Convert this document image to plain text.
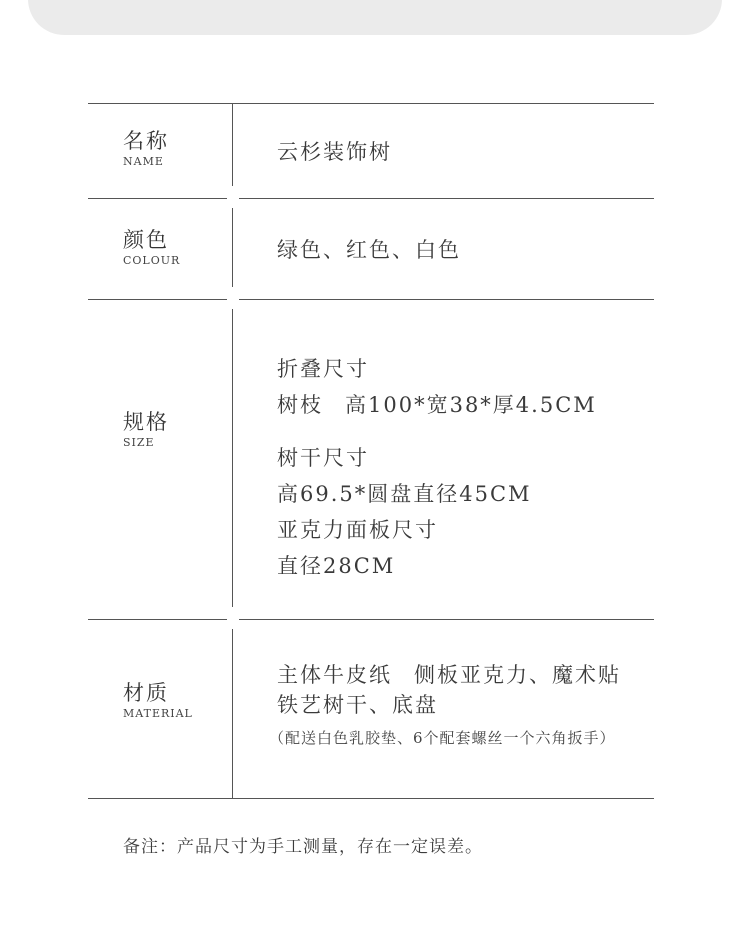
名称
NAME	云杉装饰树
颜色
COLOUR	绿色、红色、白色
规格
SIZE
折叠尺寸
树枝 高100*宽38*厚4.5CM
树干尺寸
高69.5*圆盘直径45CM
亚克力面板尺寸
直径28CM
材质
MATERIAL
主体牛皮纸 侧板亚克力、魔术贴
铁艺树干、底盘
（配送白色乳胶垫、6个配套螺丝一个六角扳手）
备注：产品尺寸为手工测量，存在一定误差。
